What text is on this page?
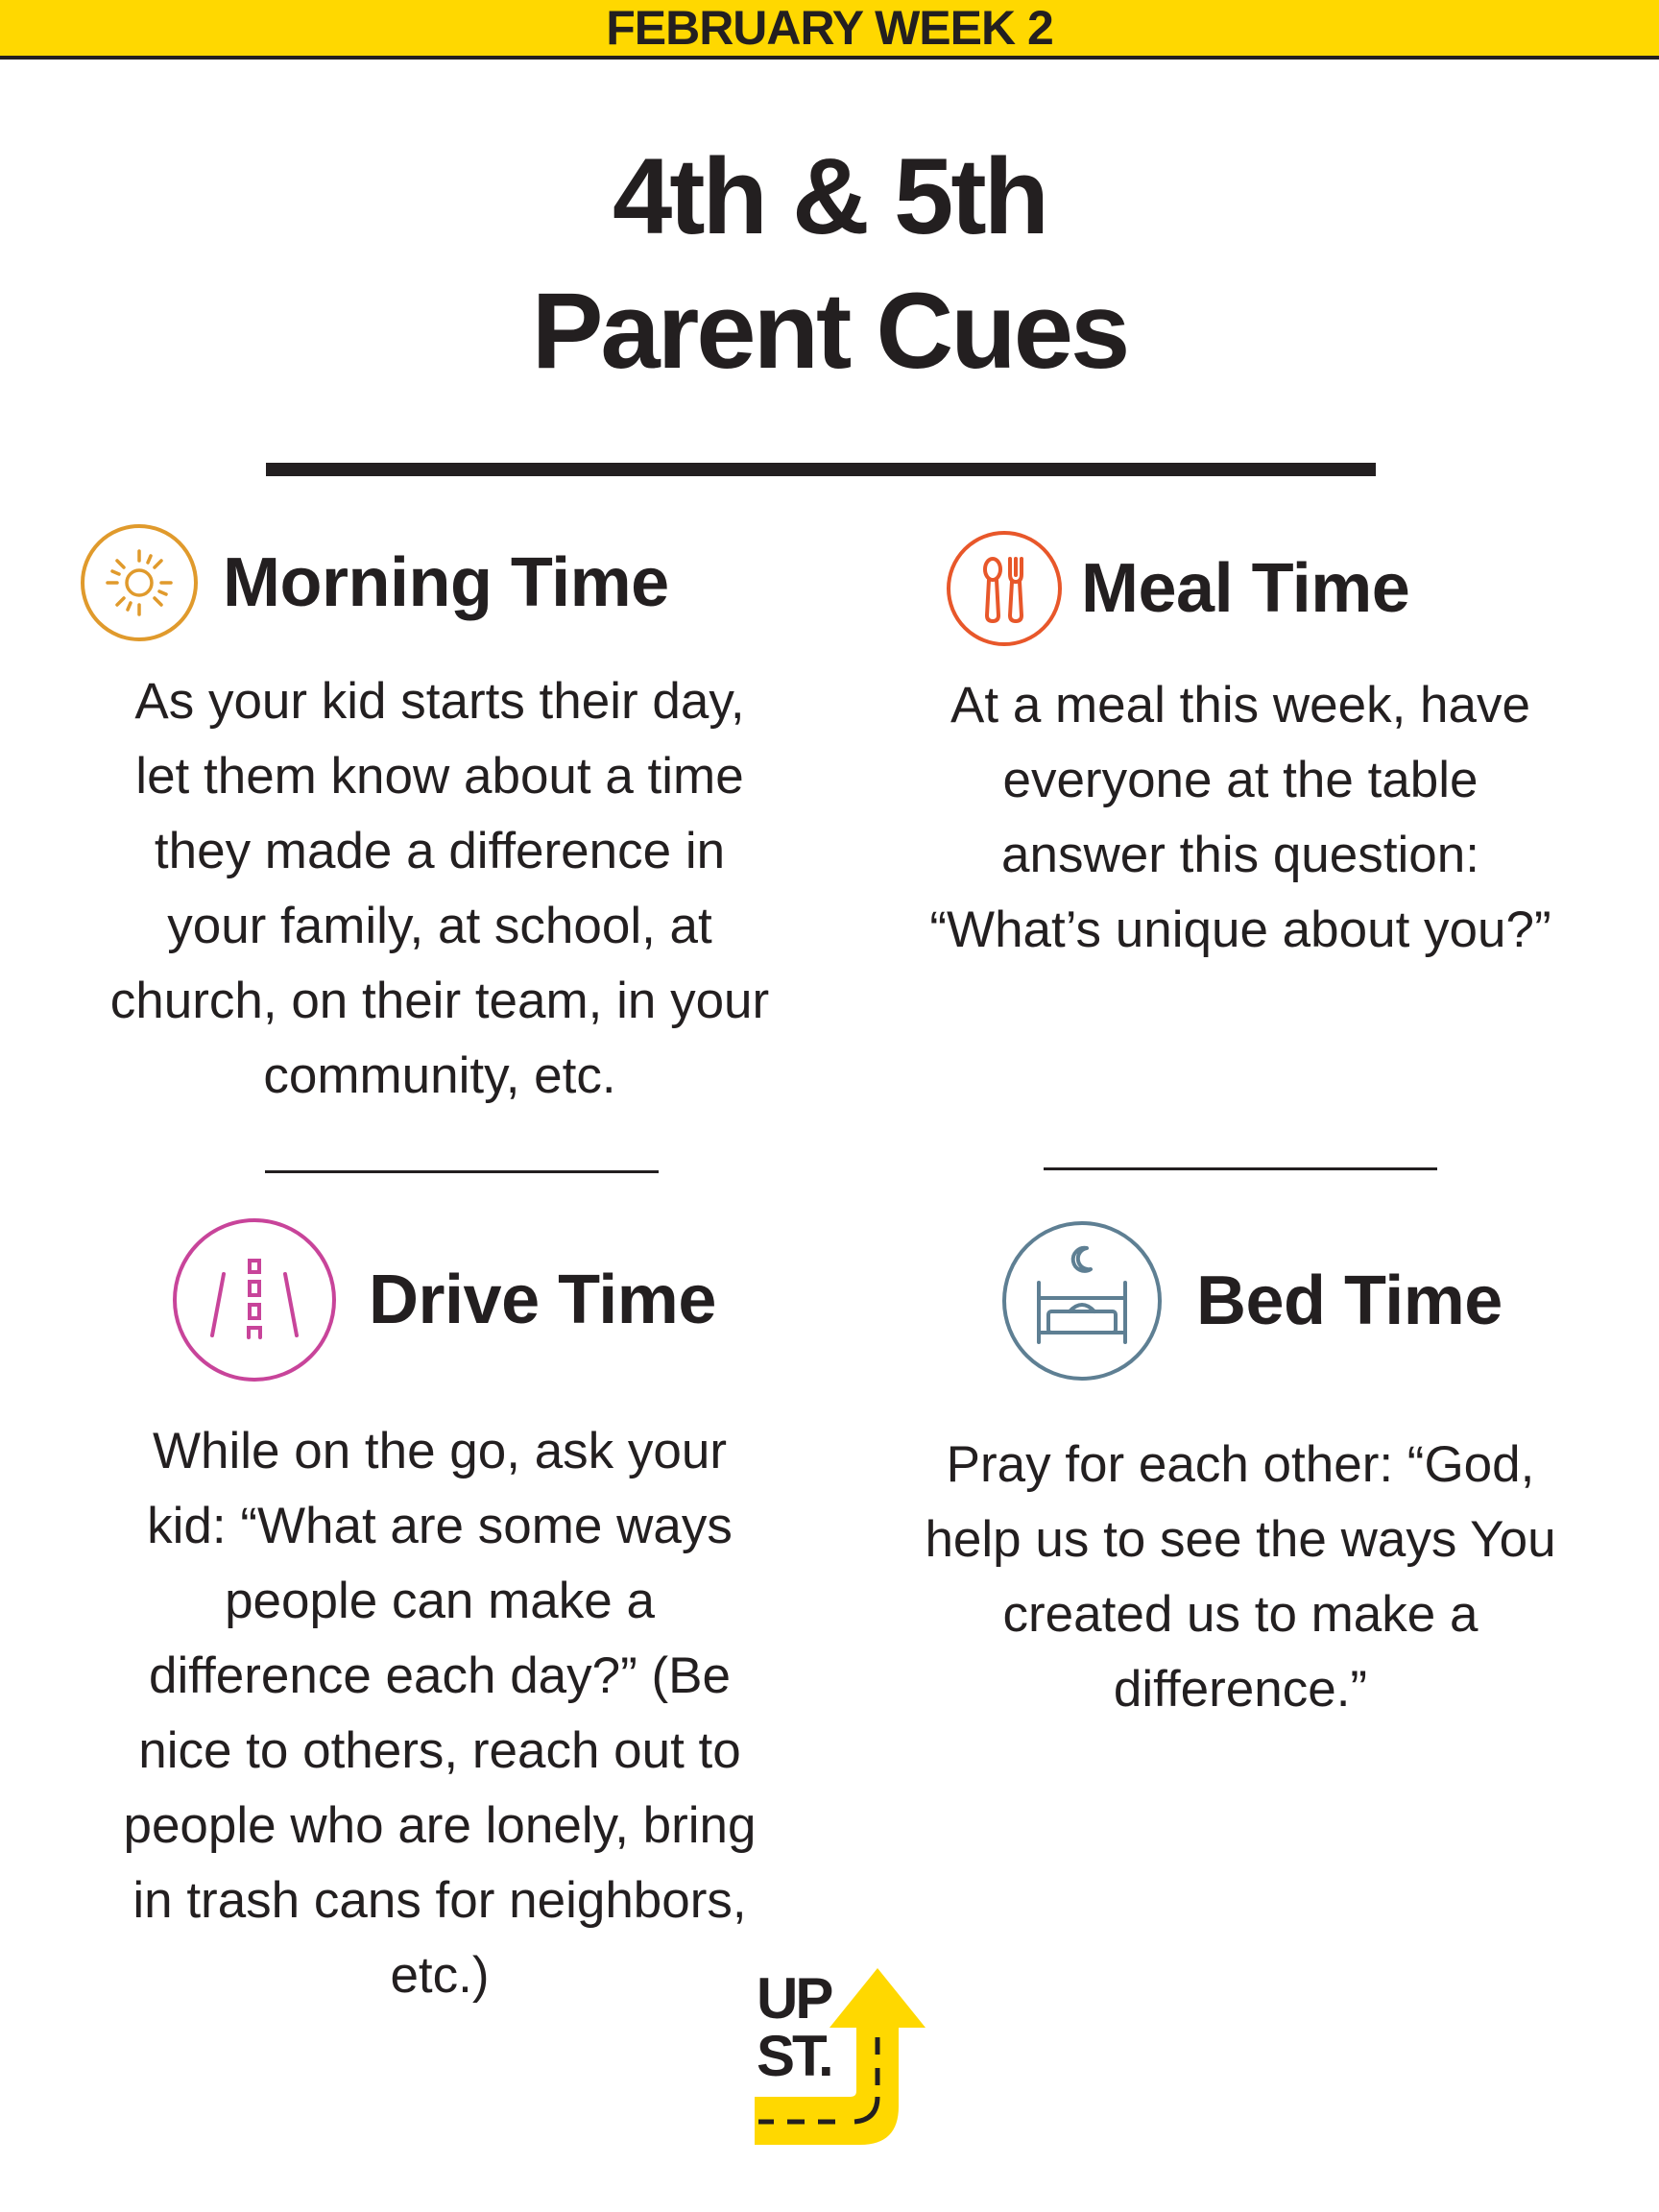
FEBRUARY WEEK 2
4th & 5th
Parent Cues
Morning Time
As your kid starts their day,
let them know about a time
they made a difference in
your family, at school, at
church, on their team, in your
community, etc.
Meal Time
At a meal this week, have
everyone at the table
answer this question:
“What’s unique about you?”
Drive Time
While on the go, ask your
kid: “What are some ways
people can make a
difference each day?” (Be
nice to others, reach out to
people who are lonely, bring
in trash cans for neighbors,
etc.)
Bed Time
Pray for each other: “God,
help us to see the ways You
created us to make a
difference.”
UP
ST.
